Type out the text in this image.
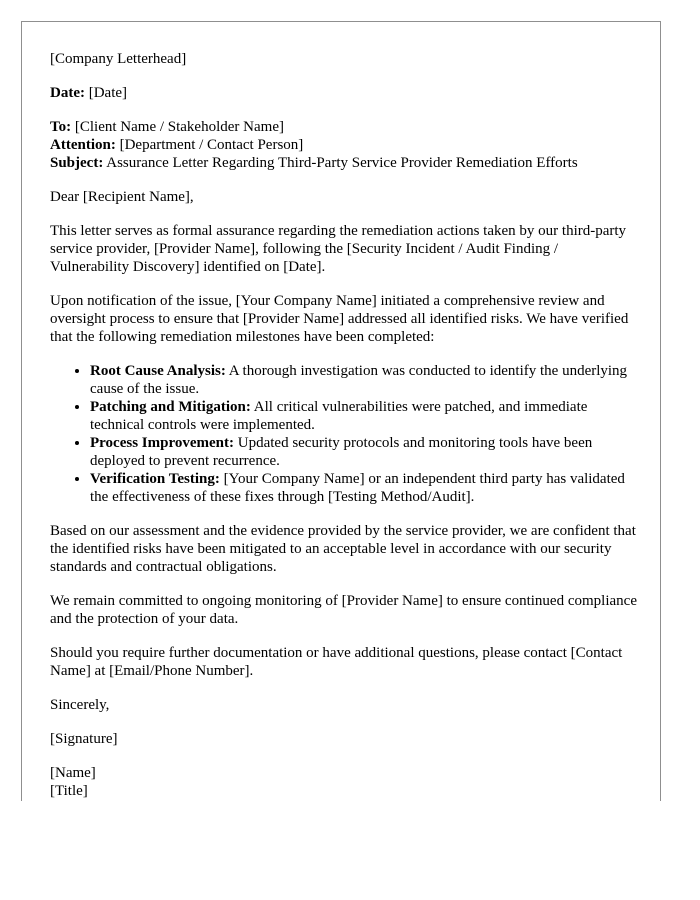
[Company Letterhead]

Date: [Date]

To: [Client Name / Stakeholder Name]

Attention: [Department / Contact Person]

Subject: Assurance Letter Regarding Third-Party Service Provider Remediation Efforts

Dear [Recipient Name],

This letter serves as formal assurance regarding the remediation actions taken by our third-party service provider, [Provider Name], following the [Security Incident / Audit Finding / Vulnerability Discovery] identified on [Date].

Upon notification of the issue, [Your Company Name] initiated a comprehensive review and oversight process to ensure that [Provider Name] addressed all identified risks. We have verified that the following remediation milestones have been completed:

• Root Cause Analysis: A thorough investigation was conducted to identify the underlying cause of the issue.
• Patching and Mitigation: All critical vulnerabilities were patched, and immediate technical controls were implemented.
• Process Improvement: Updated security protocols and monitoring tools have been deployed to prevent recurrence.
• Verification Testing: [Your Company Name] or an independent third party has validated the effectiveness of these fixes through [Testing Method/Audit].

Based on our assessment and the evidence provided by the service provider, we are confident that the identified risks have been mitigated to an acceptable level in accordance with our security standards and contractual obligations.

We remain committed to ongoing monitoring of [Provider Name] to ensure continued compliance and the protection of your data.

Should you require further documentation or have additional questions, please contact [Contact Name] at [Email/Phone Number].

Sincerely,

[Signature]

[Name]

[Title]
